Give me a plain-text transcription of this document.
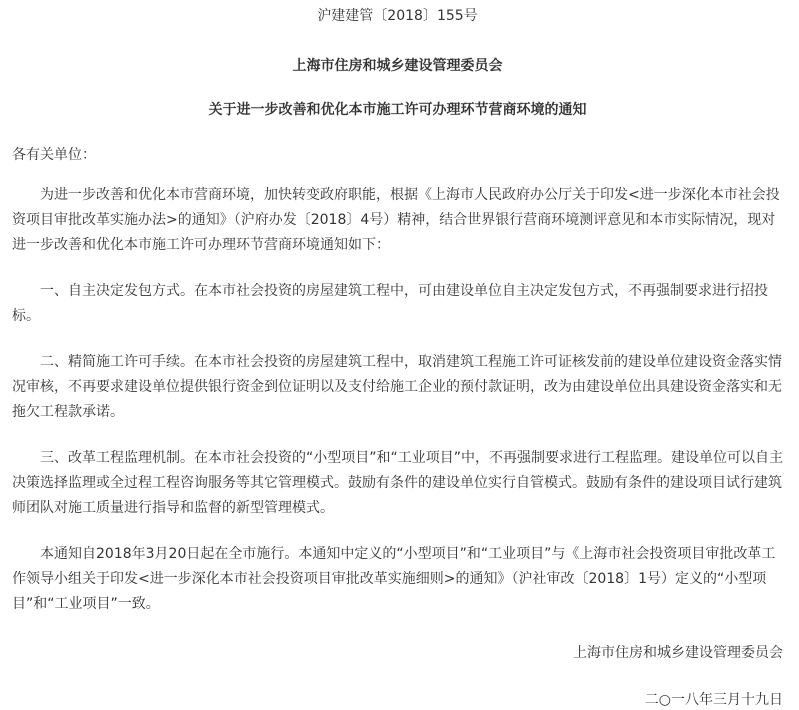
沪建建管〔2018〕155号
上海市住房和城乡建设管理委员会
关于进一步改善和优化本市施工许可办理环节营商环境的通知
各有关单位：

为进一步改善和优化本市营商环境，加快转变政府职能，根据《上海市人民政府办公厅关于印发<进一步深化本市社会投资项目审批改革实施办法>的通知》（沪府办发〔2018〕4号）精神，结合世界银行营商环境测评意见和本市实际情况，现对进一步改善和优化本市施工许可办理环节营商环境通知如下：

一、自主决定发包方式。在本市社会投资的房屋建筑工程中，可由建设单位自主决定发包方式，不再强制要求进行招投标。

二、精简施工许可手续。在本市社会投资的房屋建筑工程中，取消建筑工程施工许可证核发前的建设单位建设资金落实情况审核，不再要求建设单位提供银行资金到位证明以及支付给施工企业的预付款证明，改为由建设单位出具建设资金落实和无拖欠工程款承诺。

三、改革工程监理机制。在本市社会投资的“小型项目”和“工业项目”中，不再强制要求进行工程监理。建设单位可以自主决策选择监理或全过程工程咨询服务等其它管理模式。鼓励有条件的建设单位实行自管模式。鼓励有条件的建设项目试行建筑师团队对施工质量进行指导和监督的新型管理模式。

本通知自2018年3月20日起在全市施行。本通知中定义的“小型项目”和“工业项目”与《上海市社会投资项目审批改革工作领导小组关于印发<进一步深化本市社会投资项目审批改革实施细则>的通知》（沪社审改〔2018〕1号）定义的“小型项目”和“工业项目”一致。

上海市住房和城乡建设管理委员会
二○一八年三月十九日
